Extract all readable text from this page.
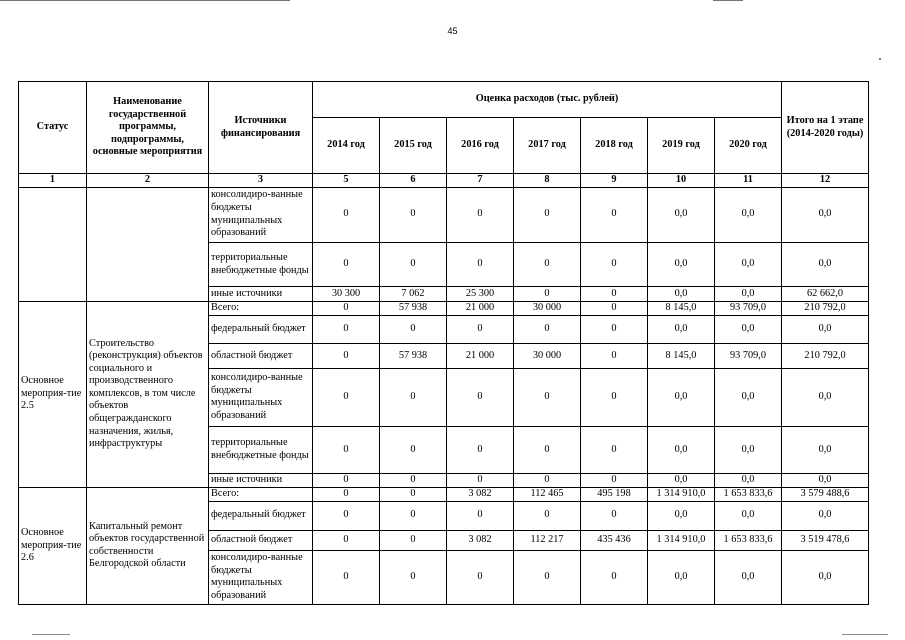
45
Статус	Наименование государственной программы, подпрограммы, основные мероприятия	Источники финансирования	Оценка расходов (тыс. рублей)							Итого на 1 этапе (2014-2020 годы)
			2014 год	2015 год	2016 год	2017 год	2018 год	2019 год	2020 год	
1	2	3	5	6	7	8	9	10	11	12
		консолидиро-ванные бюджеты муниципальных образований	0	0	0	0	0	0,0	0,0	0,0
		территориальные внебюджетные фонды	0	0	0	0	0	0,0	0,0	0,0
		иные источники	30 300	7 062	25 300	0	0	0,0	0,0	62 662,0
Основное мероприя-тие 2.5	Строительство (реконструкция) объектов социального и производственного комплексов, в том числе объектов общегражданского назначения, жилья, инфраструктуры	Всего:	0	57 938	21 000	30 000	0	8 145,0	93 709,0	210 792,0
		федеральный бюджет	0	0	0	0	0	0,0	0,0	0,0
		областной бюджет	0	57 938	21 000	30 000	0	8 145,0	93 709,0	210 792,0
		консолидиро-ванные бюджеты муниципальных образований	0	0	0	0	0	0,0	0,0	0,0
		территориальные внебюджетные фонды	0	0	0	0	0	0,0	0,0	0,0
		иные источники	0	0	0	0	0	0,0	0,0	0,0
Основное мероприя-тие 2.6	Капитальный ремонт объектов государственной собственности Белгородской области	Всего:	0	0	3 082	112 465	495 198	1 314 910,0	1 653 833,6	3 579 488,6
		федеральный бюджет	0	0	0	0	0	0,0	0,0	0,0
		областной бюджет	0	0	3 082	112 217	435 436	1 314 910,0	1 653 833,6	3 519 478,6
		консолидиро-ванные бюджеты муниципальных образований	0	0	0	0	0	0,0	0,0	0,0
